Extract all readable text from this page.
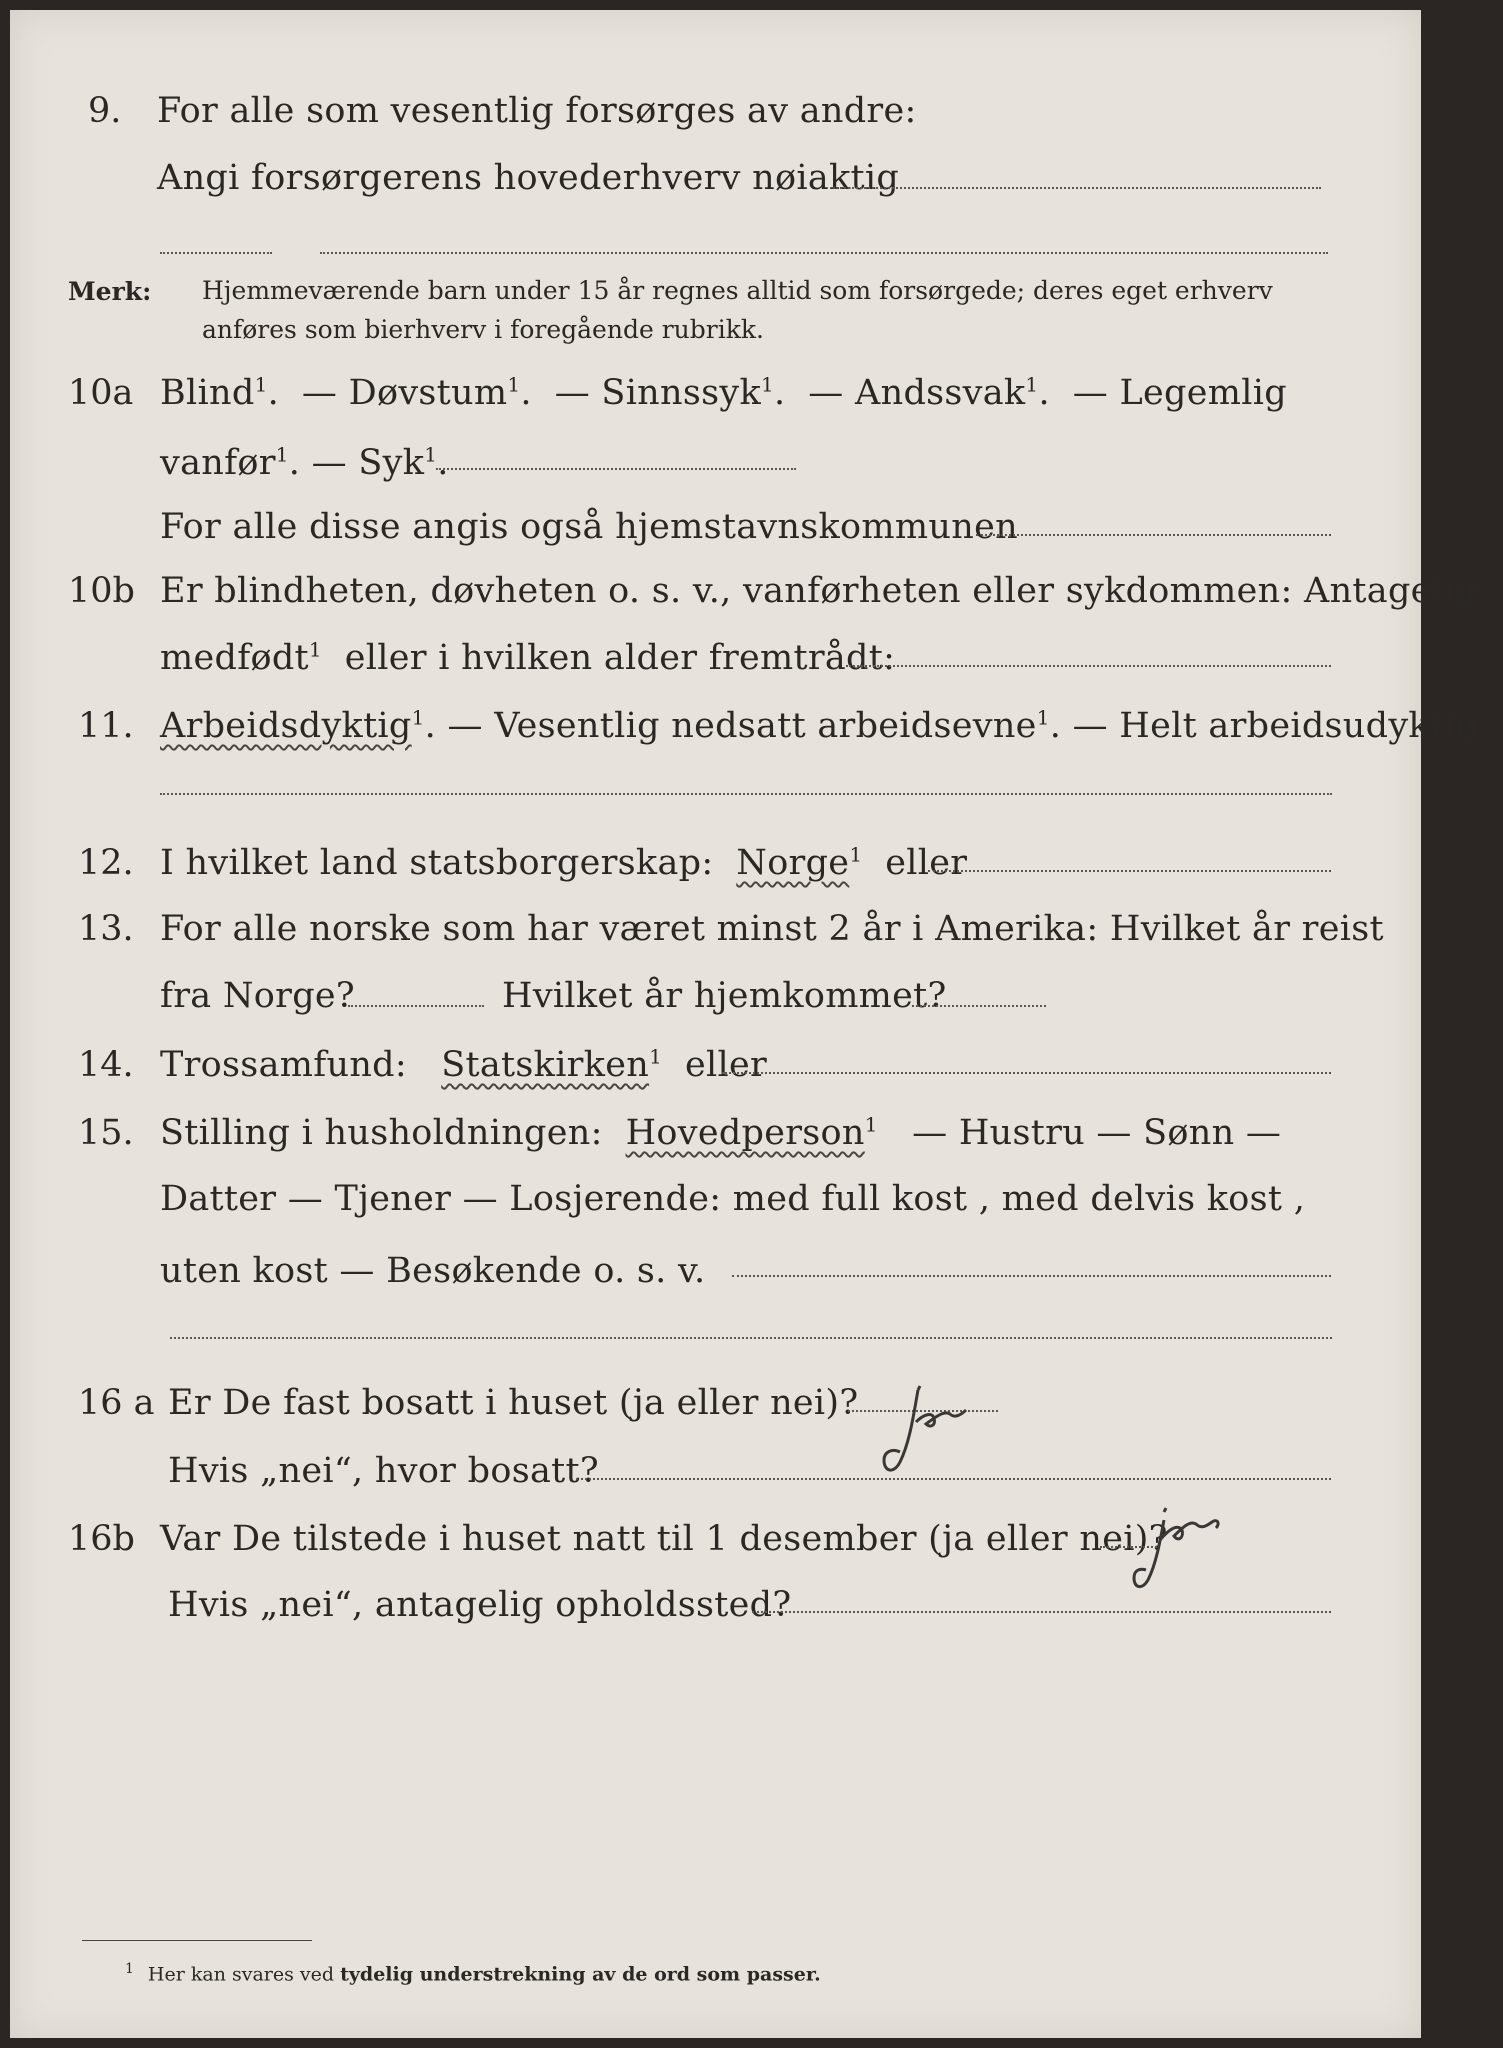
9. For alle som vesentlig forsørges av andre:
Angi forsørgerens hovederhverv nøiaktig
Merk: Hjemmeværende barn under 15 år regnes alltid som forsørgede; deres eget erhverv
anføres som bierhverv i foregående rubrikk.
10a Blind$^1$.  — Døvstum$^1$.  — Sinnssyk$^1$.  — Andssvak$^1$.  — Legemlig
vanfør$^1$. — Syk$^1$.
For alle disse angis også hjemstavnskommunen
10b Er blindheten, døvheten o. s. v., vanførheten eller sykdommen: Antagelig
medfødt$^1$ eller i hvilken alder fremtrådt:
11. Arbeidsdyktig$^1$. — Vesentlig nedsatt arbeidsevne$^1$. — Helt arbeidsudyktig$^1$.
12. I hvilket land statsborgerskap: Norge$^1$ eller
13. For alle norske som har været minst 2 år i Amerika: Hvilket år reist
fra Norge?	Hvilket år hjemkommet?
14. Trossamfund: Statskirken$^1$ eller
15. Stilling i husholdningen: Hovedperson$^1$ — Hustru — Sønn —
Datter — Tjener — Losjerende: med full kost , med delvis kost ,
uten kost — Besøkende o. s. v.
16 a Er De fast bosatt i huset (ja eller nei)?
Hvis „nei“, hvor bosatt?
16b Var De tilstede i huset natt til 1 desember (ja eller nei)?
Hvis „nei“, antagelig opholdssted?
$^1$ Her kan svares ved tydelig understrekning av de ord som passer.
